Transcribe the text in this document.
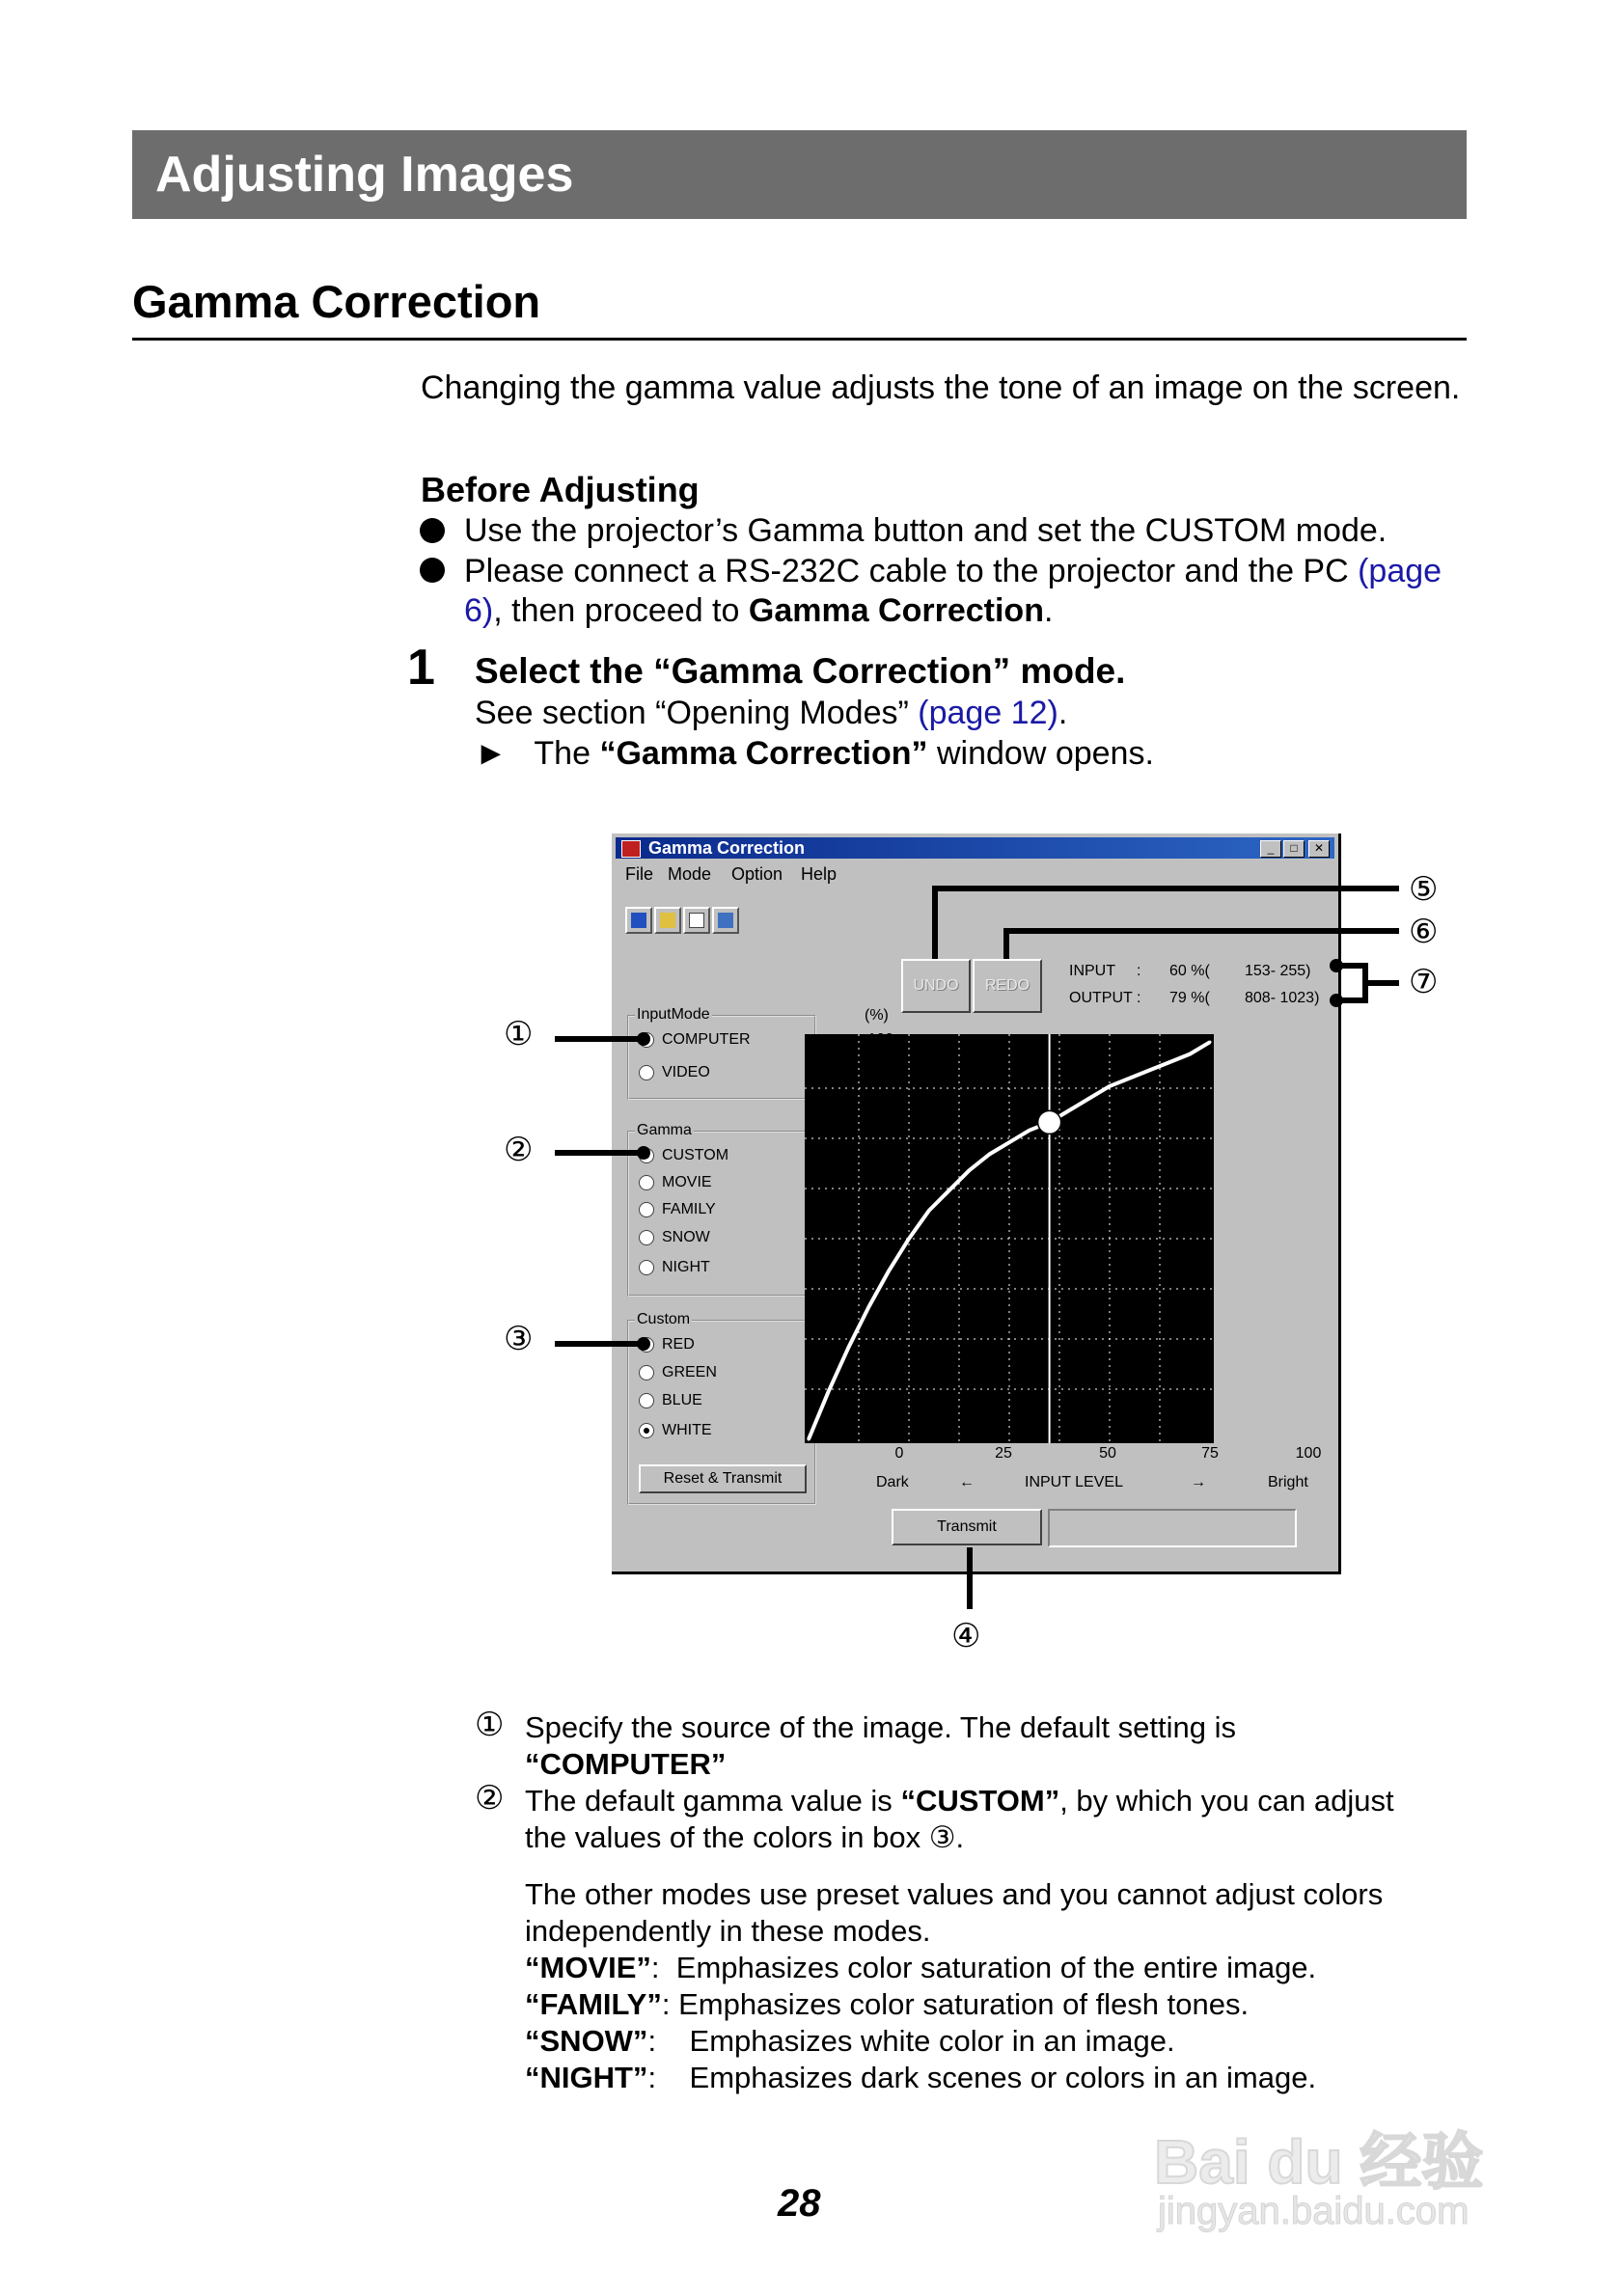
Adjusting Images
Gamma Correction
Changing the gamma value adjusts the tone of an image on the screen.
Before Adjusting
Use the projector’s Gamma button and set the CUSTOM mode.
Please connect a RS-232C cable to the projector and the PC (page
6), then proceed to Gamma Correction.
1 Select the “Gamma Correction” mode.
See section “Opening Modes” (page 12).
► The “Gamma Correction” window opens.
Gamma Correction	_	□	✕
File Mode Option Help
UNDO	REDO
INPUT : 60 %( 153- 255)
OUTPUT : 79 %( 808- 1023)
InputMode
COMPUTER
VIDEO
Gamma
CUSTOM
MOVIE
FAMILY
SNOW
NIGHT
Custom
RED
GREEN
BLUE
WHITE
Reset & Transmit
(%)
0	25	50	75	100
Dark	←	INPUT LEVEL	→	Bright
Transmit
①
②
③
④
⑤
⑥
⑦
① Specify the source of the image. The default setting is
“COMPUTER”
② The default gamma value is “CUSTOM”, by which you can adjust
the values of the colors in box ③.
The other modes use preset values and you cannot adjust colors
independently in these modes.
“MOVIE”: Emphasizes color saturation of the entire image.
“FAMILY”: Emphasizes color saturation of flesh tones.
“SNOW”: Emphasizes white color in an image.
“NIGHT”: Emphasizes dark scenes or colors in an image.
28
Bai du 经验
jingyan.baidu.com
